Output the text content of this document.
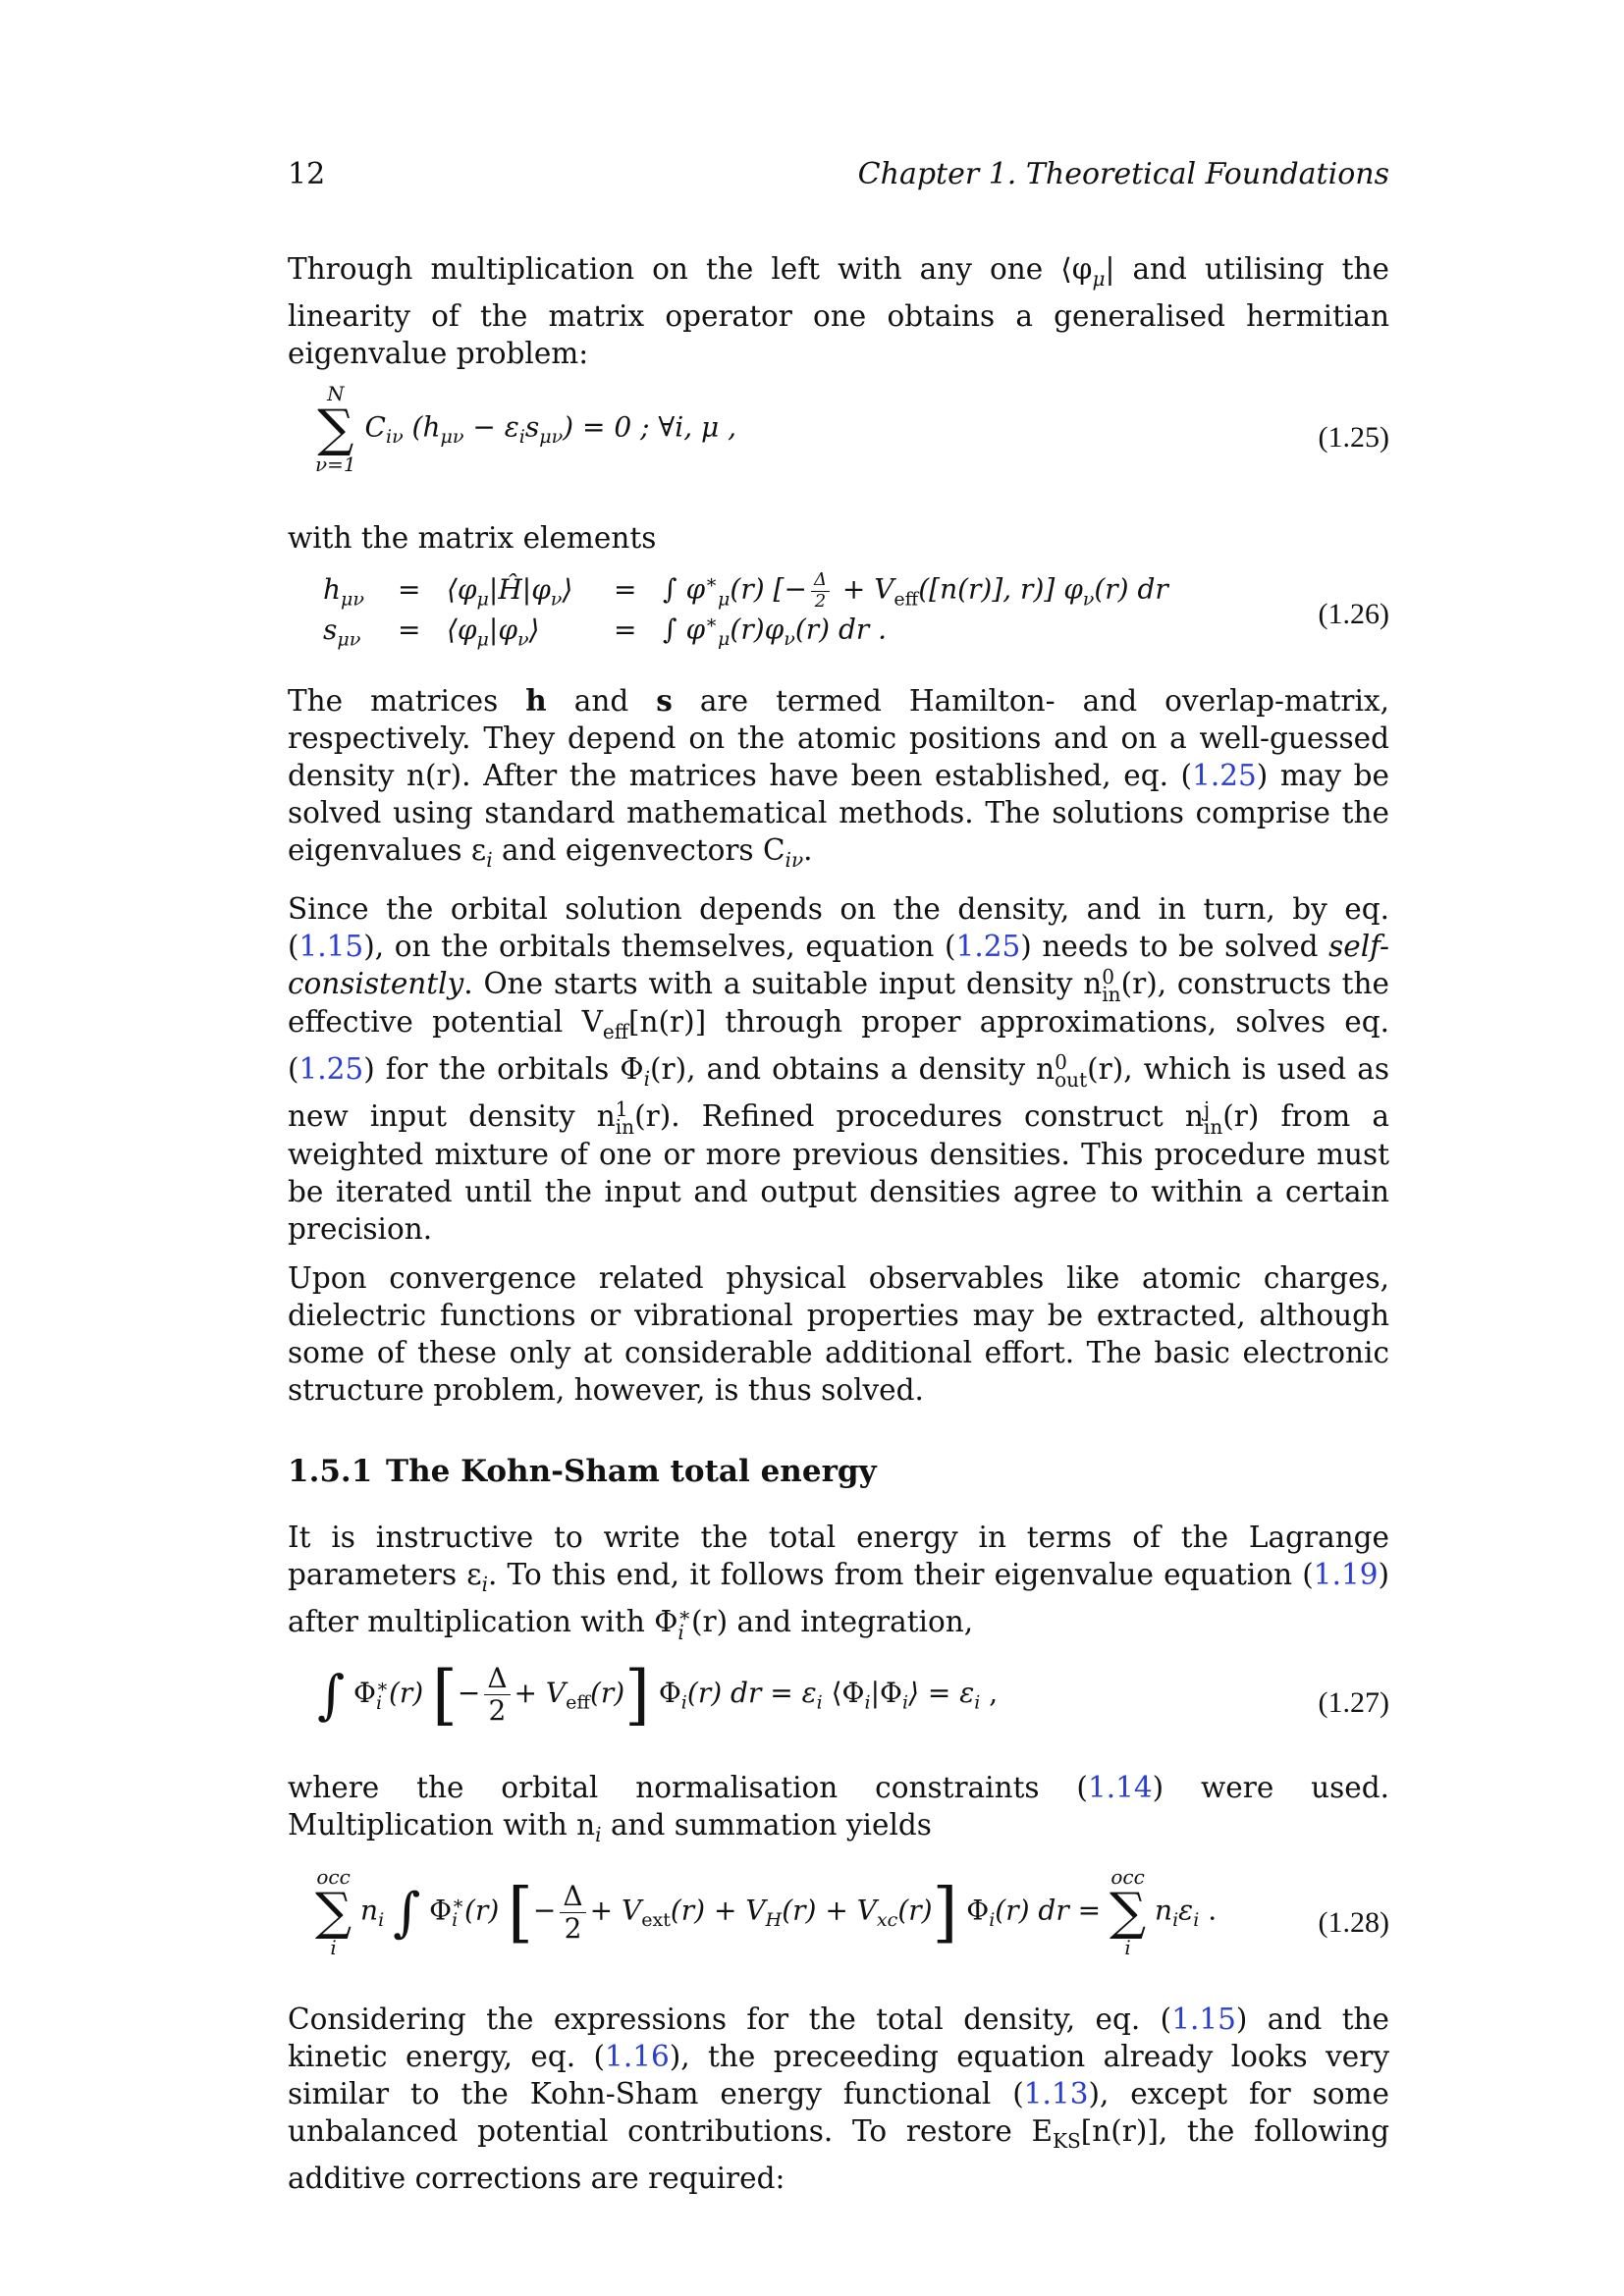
12	Chapter 1. Theoretical Foundations

Through multiplication on the left with any one $⟨\varphi_\mu|$ and utilising the linearity of the matrix operator one obtains a generalised hermitian eigenvalue problem:

N
∑
ν=1
$C_{i\nu}$ $(h_{\mu\nu} - \varepsilon_is_{\mu\nu}) = 0$ ; ∀i, μ ,	(1.25)

with the matrix elements

$h_{\mu\nu}$	=	$⟨\varphi_\mu|Ĥ|\varphi_\nu⟩$	=	∫ $\varphi^∗_\mu(r)$ [− $\frac{\Delta}{2} + V_{eff}([n(r)]$, r)] $\varphi_\nu(r)$ dr
$s_{\mu\nu}$	=	$⟨\varphi_\mu|\varphi_\nu⟩$	=	∫ $\varphi^∗_\mu(r)\varphi_\nu(r)$ dr .	(1.26)

The matrices h and s are termed Hamilton- and overlap-matrix, respectively. They depend on the atomic positions and on a well-guessed density n(r). After the matrices have been established, eq. (1.25) may be solved using standard mathematical methods. The solutions comprise the eigenvalues $\varepsilon_i$ and eigenvectors $C_{i\nu}$.

Since the orbital solution depends on the density, and in turn, by eq. (1.15), on the orbitals themselves, equation (1.25) needs to be solved self-consistently. One starts with a suitable input density n 0
in (r), constructs the effective potential $V_{eff}[n(r)]$ through proper approximations, solves eq. (1.25) for the orbitals $\Phi_i(r)$, and obtains a density n 0
out (r), which is used as new input density n 1
in (r). Refined procedures construct n j
in (r) from a weighted mixture of one or more previous densities. This procedure must be iterated until the input and output densities agree to within a certain precision.

Upon convergence related physical observables like atomic charges, dielectric functions or vibrational properties may be extracted, although some of these only at considerable additional effort. The basic electronic structure problem, however, is thus solved.

1.5.1 The Kohn-Sham total energy

It is instructive to write the total energy in terms of the Lagrange parameters $\varepsilon_i$. To this end, it follows from their eigenvalue equation (1.19) after multiplication with Φ ∗
i (r) and integration,

∫ Φ ∗
i (r) [− $\frac{\Delta}{2} + V_{eff}(r)$] $\Phi_i(r)$ dr = $\varepsilon_i$ $⟨\Phi_i|\Phi_i⟩ = \varepsilon_i$ ,	(1.27)

where the orbital normalisation constraints (1.14) were used. Multiplication with $n_i$ and summation yields

occ
∑
i
$n_i$ ∫ Φ ∗
i (r) [− $\frac{\Delta}{2} + V_{ext}(r) + V_H(r) + V_{xc}(r)$] $\Phi_i(r)$ dr =
occ
∑
i
$n_i\varepsilon_i$ .	(1.28)

Considering the expressions for the total density, eq. (1.15) and the kinetic energy, eq. (1.16), the preceeding equation already looks very similar to the Kohn-Sham energy functional (1.13), except for some unbalanced potential contributions. To restore $E_{KS}[n(r)]$, the following additive corrections are required:
